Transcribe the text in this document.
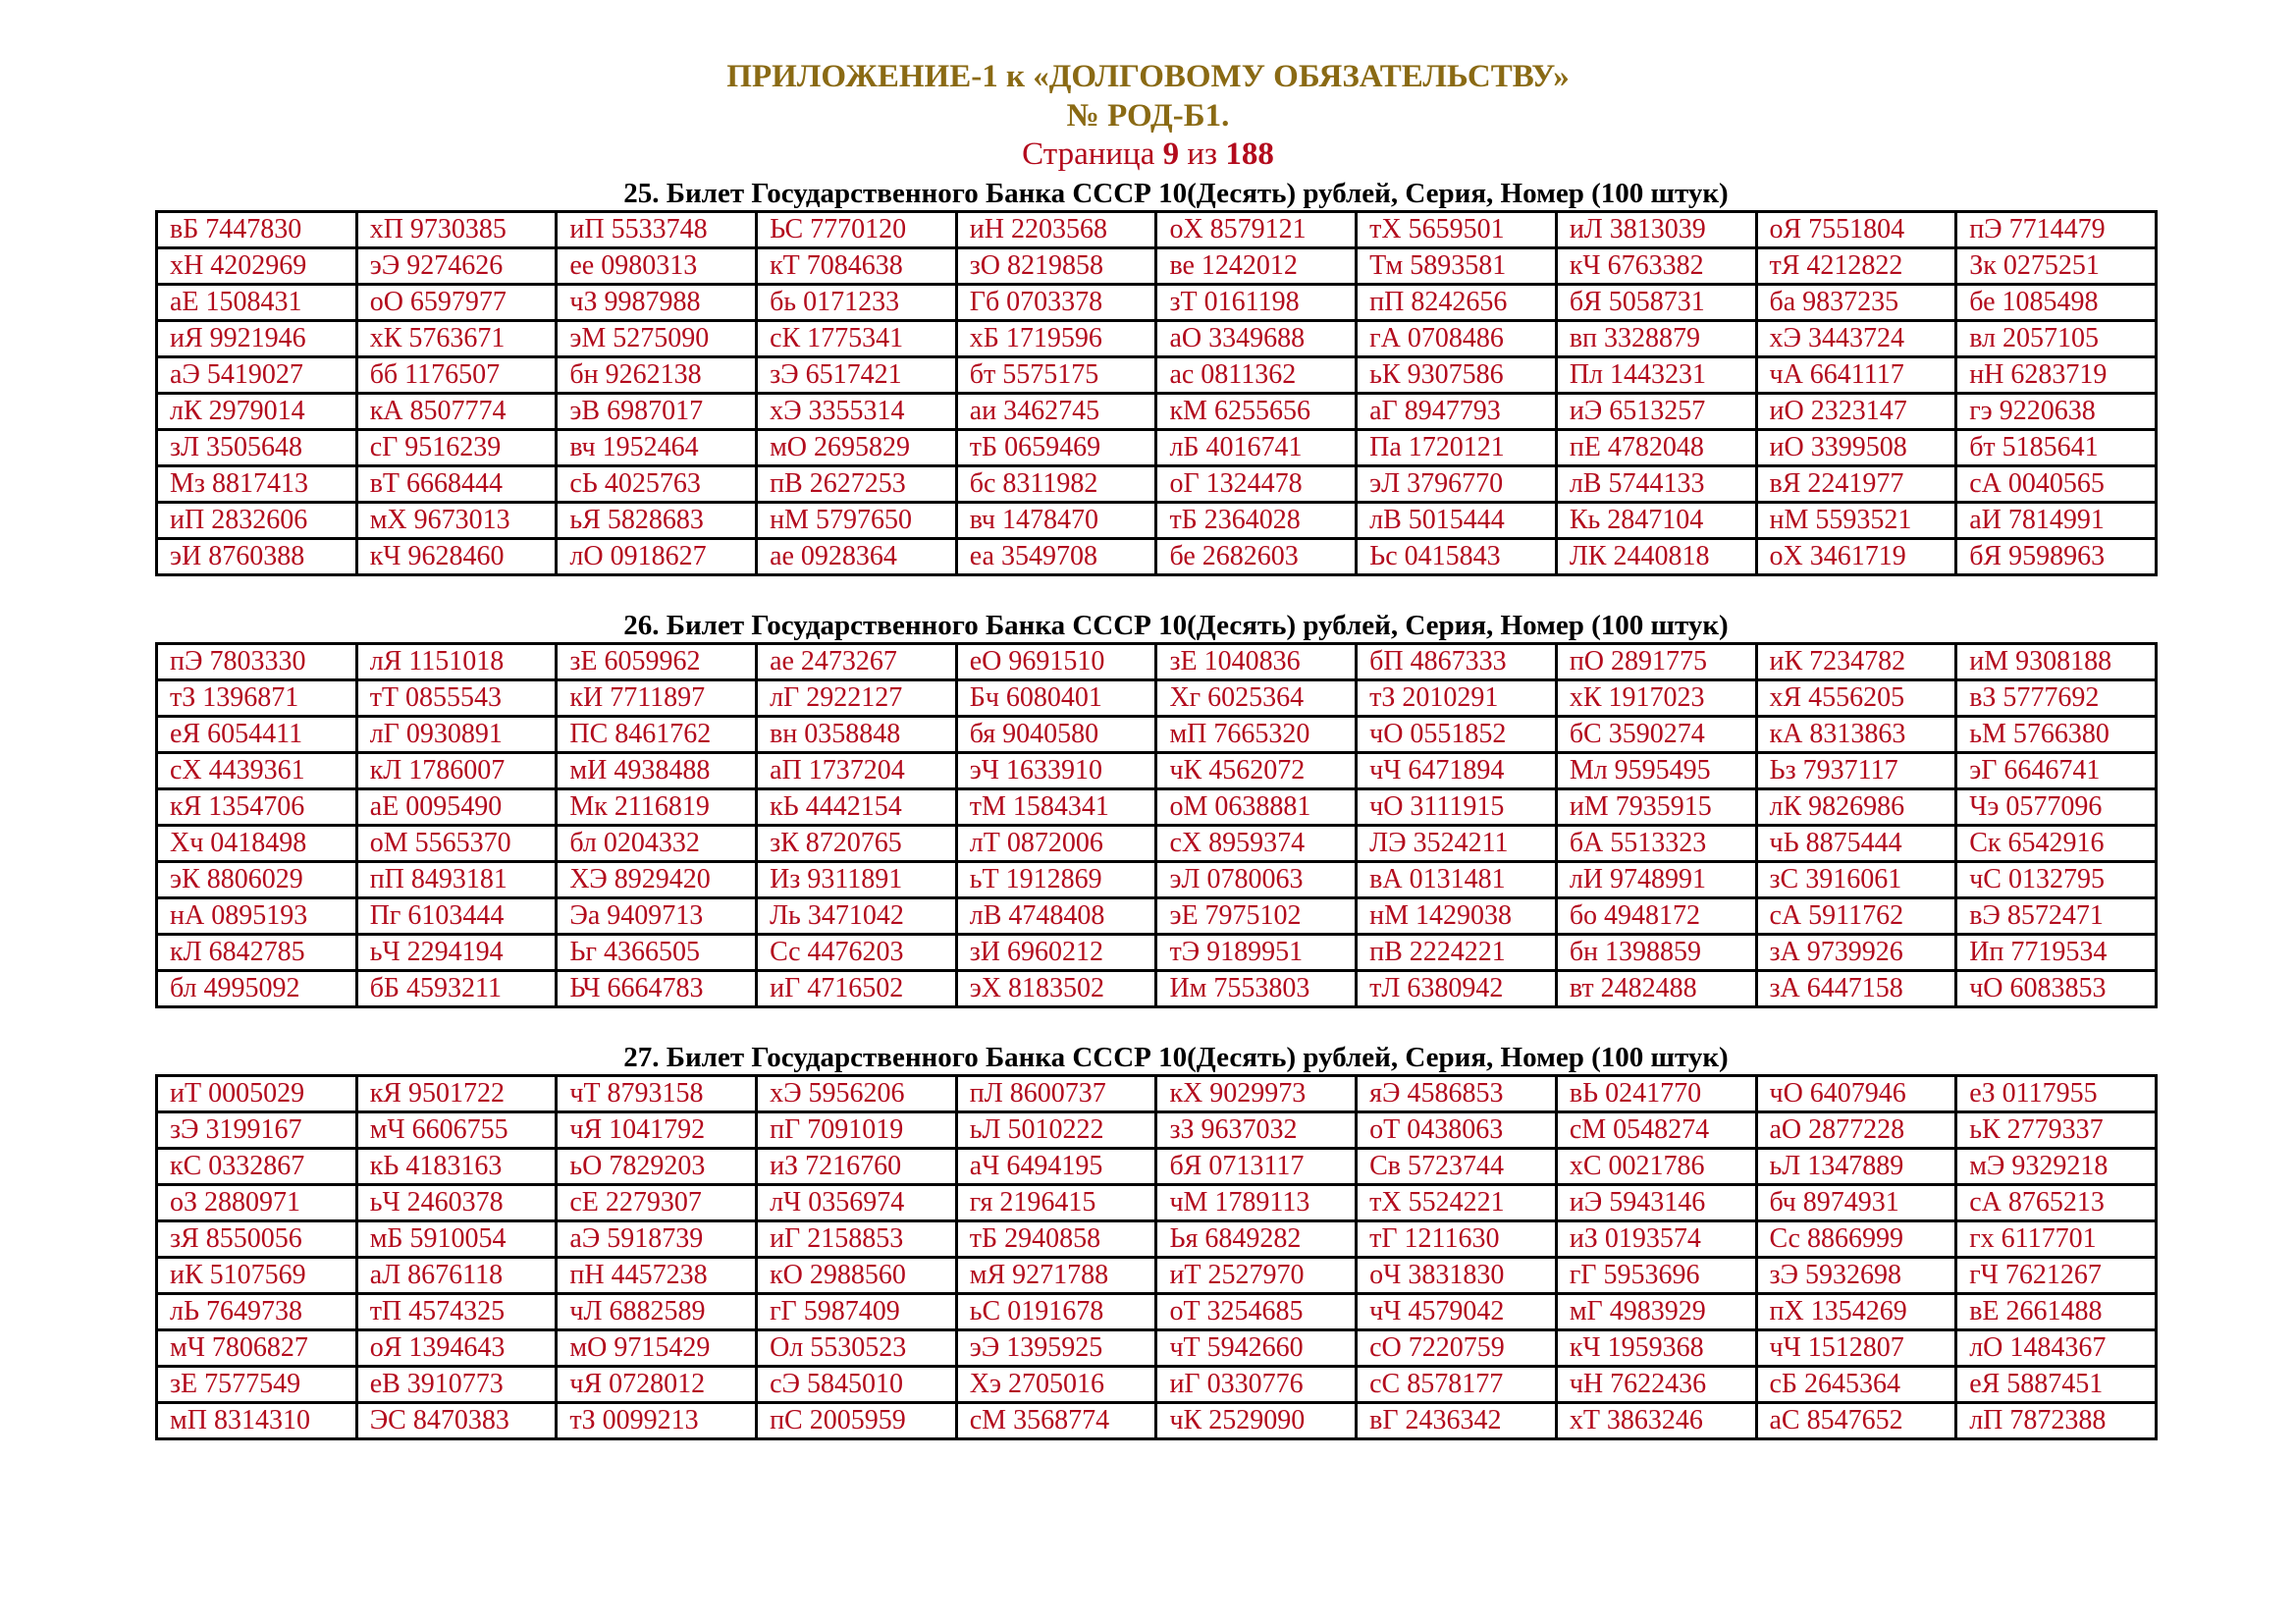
ПРИЛОЖЕНИЕ-1 к «ДОЛГОВОМУ ОБЯЗАТЕЛЬСТВУ»
№ РОД-Б1.
Страница 9 из 188
25. Билет Государственного Банка СССР 10(Десять) рублей, Серия, Номер (100 штук)
вБ 7447830	хП 9730385	иП 5533748	ЬС 7770120	иН 2203568	оХ 8579121	тХ 5659501	иЛ 3813039	оЯ 7551804	пЭ 7714479
хН 4202969	эЭ 9274626	ее 0980313	кТ 7084638	зО 8219858	ве 1242012	Тм 5893581	кЧ 6763382	тЯ 4212822	Зк 0275251
аЕ 1508431	оО 6597977	чЗ 9987988	бь 0171233	Гб 0703378	зТ 0161198	пП 8242656	бЯ 5058731	ба 9837235	бе 1085498
иЯ 9921946	хК 5763671	эМ 5275090	сК 1775341	хБ 1719596	аО 3349688	гА 0708486	вп 3328879	хЭ 3443724	вл 2057105
аЭ 5419027	бб 1176507	бн 9262138	зЭ 6517421	бт 5575175	ас 0811362	ьК 9307586	Пл 1443231	чА 6641117	нН 6283719
лК 2979014	кА 8507774	эВ 6987017	хЭ 3355314	аи 3462745	кМ 6255656	аГ 8947793	иЭ 6513257	иО 2323147	гэ 9220638
зЛ 3505648	сГ 9516239	вч 1952464	мО 2695829	тБ 0659469	лБ 4016741	Па 1720121	пЕ 4782048	иО 3399508	бт 5185641
Мз 8817413	вТ 6668444	сЬ 4025763	пВ 2627253	бс 8311982	оГ 1324478	эЛ 3796770	лВ 5744133	вЯ 2241977	сА 0040565
иП 2832606	мХ 9673013	ьЯ 5828683	нМ 5797650	вч 1478470	тБ 2364028	лВ 5015444	Кь 2847104	нМ 5593521	аИ 7814991
эИ 8760388	кЧ 9628460	лО 0918627	ае 0928364	еа 3549708	бе 2682603	Ьс 0415843	ЛК 2440818	оХ 3461719	бЯ 9598963
26. Билет Государственного Банка СССР 10(Десять) рублей, Серия, Номер (100 штук)
пЭ 7803330	лЯ 1151018	зЕ 6059962	ае 2473267	еО 9691510	зЕ 1040836	бП 4867333	пО 2891775	иК 7234782	иМ 9308188
тЗ 1396871	тТ 0855543	кИ 7711897	лГ 2922127	Бч 6080401	Хг 6025364	тЗ 2010291	хК 1917023	хЯ 4556205	вЗ 5777692
еЯ 6054411	лГ 0930891	ПС 8461762	вн 0358848	бя 9040580	мП 7665320	чО 0551852	бС 3590274	кА 8313863	ьМ 5766380
сХ 4439361	кЛ 1786007	мИ 4938488	аП 1737204	эЧ 1633910	чК 4562072	чЧ 6471894	Мл 9595495	Ьз 7937117	эГ 6646741
кЯ 1354706	аЕ 0095490	Мк 2116819	кЬ 4442154	тМ 1584341	оМ 0638881	чО 3111915	иМ 7935915	лК 9826986	Чэ 0577096
Хч 0418498	оМ 5565370	бл 0204332	зК 8720765	лТ 0872006	сХ 8959374	ЛЭ 3524211	бА 5513323	чЬ 8875444	Ск 6542916
эК 8806029	пП 8493181	ХЭ 8929420	Из 9311891	ьТ 1912869	эЛ 0780063	вА 0131481	лИ 9748991	зС 3916061	чС 0132795
нА 0895193	Пг 6103444	Эа 9409713	Ль 3471042	лВ 4748408	эЕ 7975102	нМ 1429038	бо 4948172	сА 5911762	вЭ 8572471
кЛ 6842785	ьЧ 2294194	Ьг 4366505	Сс 4476203	зИ 6960212	тЭ 9189951	пВ 2224221	бн 1398859	зА 9739926	Ип 7719534
бл 4995092	бБ 4593211	ЬЧ 6664783	иГ 4716502	эХ 8183502	Им 7553803	тЛ 6380942	вт 2482488	зА 6447158	чО 6083853
27. Билет Государственного Банка СССР 10(Десять) рублей, Серия, Номер (100 штук)
иТ 0005029	кЯ 9501722	чТ 8793158	хЭ 5956206	пЛ 8600737	кХ 9029973	яЭ 4586853	вЬ 0241770	чО 6407946	еЗ 0117955
зЭ 3199167	мЧ 6606755	чЯ 1041792	пГ 7091019	ьЛ 5010222	зЗ 9637032	оТ 0438063	сМ 0548274	аО 2877228	ьК 2779337
кС 0332867	кЬ 4183163	ьО 7829203	иЗ 7216760	аЧ 6494195	бЯ 0713117	Св 5723744	хС 0021786	ьЛ 1347889	мЭ 9329218
оЗ 2880971	ьЧ 2460378	сЕ 2279307	лЧ 0356974	гя 2196415	чМ 1789113	тХ 5524221	иЭ 5943146	бч 8974931	сА 8765213
зЯ 8550056	мБ 5910054	аЭ 5918739	иГ 2158853	тБ 2940858	Ья 6849282	тГ 1211630	иЗ 0193574	Сс 8866999	гх 6117701
иК 5107569	аЛ 8676118	пН 4457238	кО 2988560	мЯ 9271788	иТ 2527970	оЧ 3831830	гГ 5953696	зЭ 5932698	гЧ 7621267
лЬ 7649738	тП 4574325	чЛ 6882589	гГ 5987409	ьС 0191678	оТ 3254685	чЧ 4579042	мГ 4983929	пХ 1354269	вЕ 2661488
мЧ 7806827	оЯ 1394643	мО 9715429	Ол 5530523	эЭ 1395925	чТ 5942660	сО 7220759	кЧ 1959368	чЧ 1512807	лО 1484367
зЕ 7577549	еВ 3910773	чЯ 0728012	сЭ 5845010	Хэ 2705016	иГ 0330776	сС 8578177	чН 7622436	сБ 2645364	еЯ 5887451
мП 8314310	ЭС 8470383	тЗ 0099213	пС 2005959	сМ 3568774	чК 2529090	вГ 2436342	хТ 3863246	аС 8547652	лП 7872388
